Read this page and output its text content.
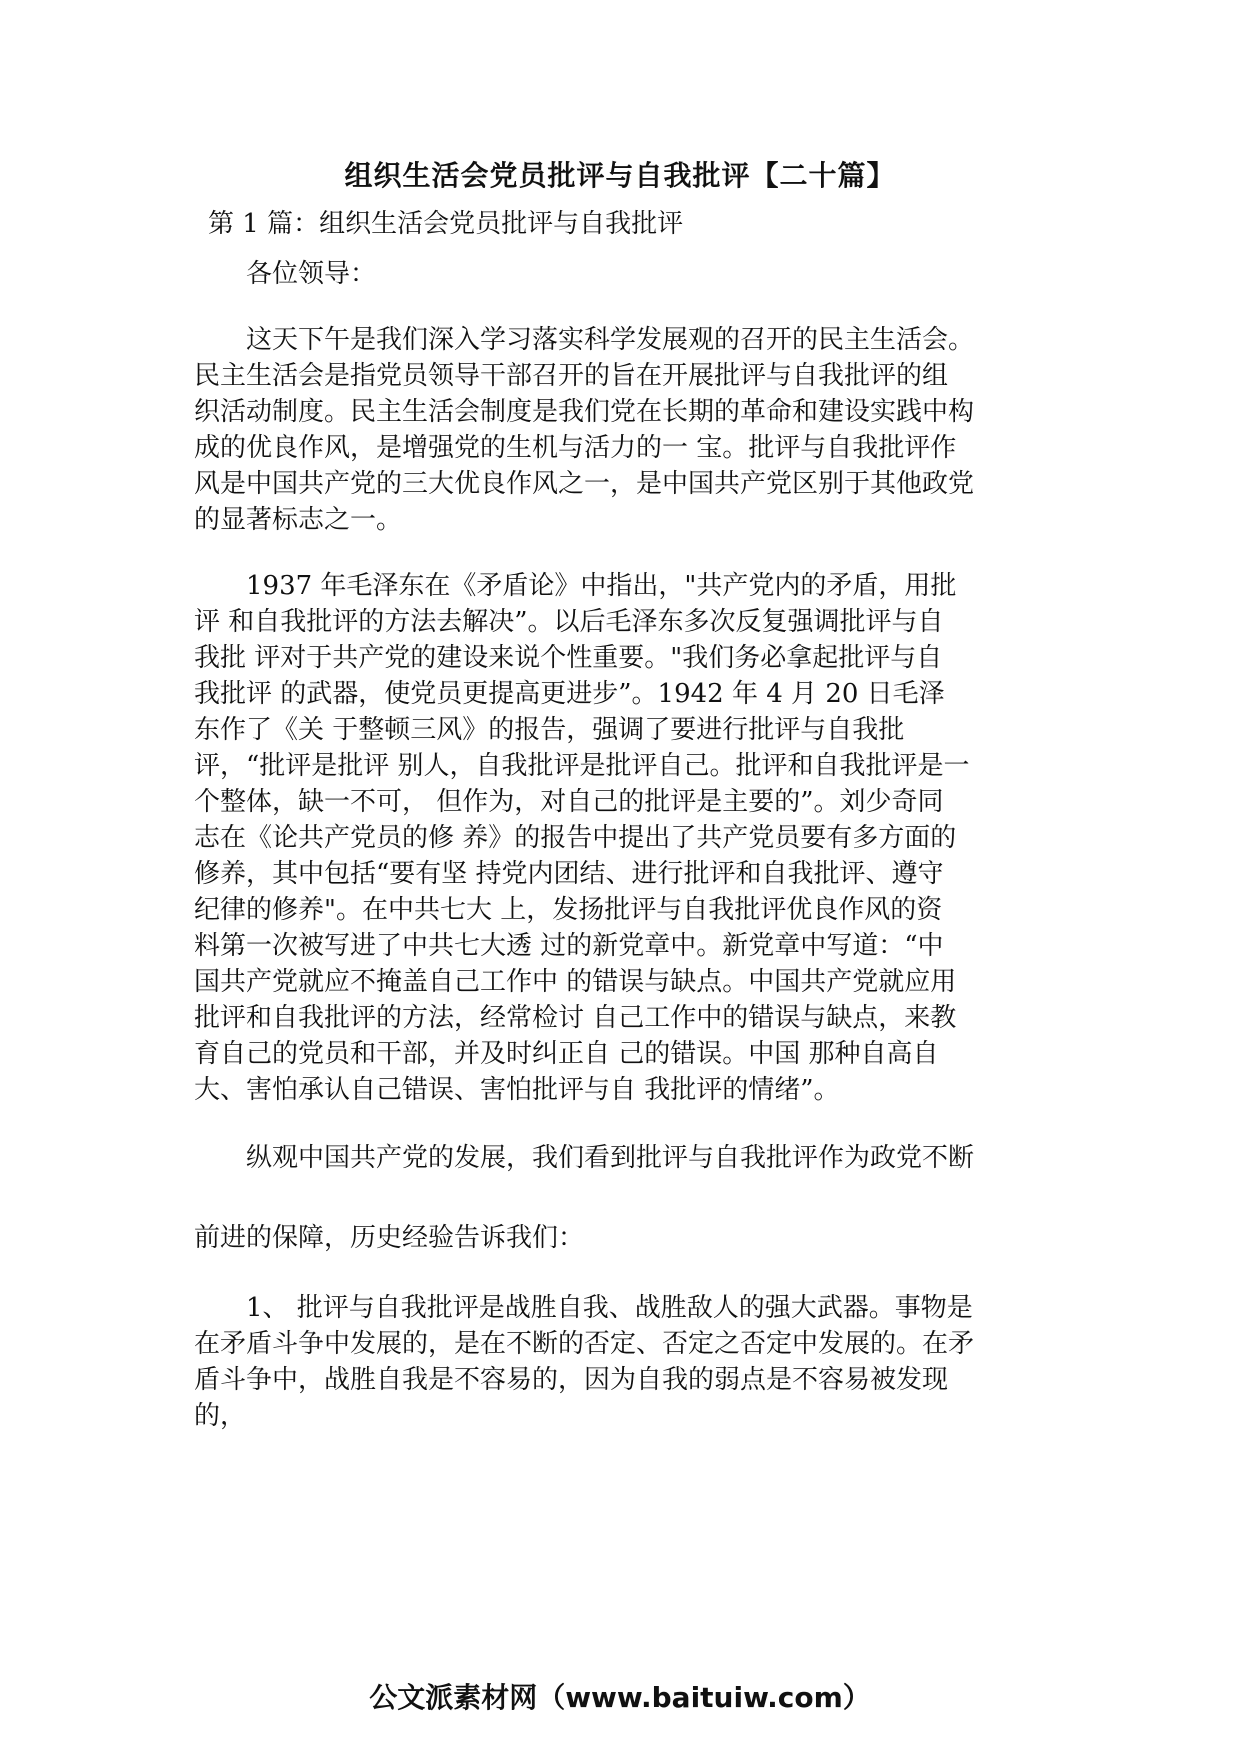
组织生活会党员批评与自我批评【二十篇】
第 1 篇：组织生活会党员批评与自我批评
各位领导：
这天下午是我们深入学习落实科学发展观的召开的民主生活会。
民主生活会是指党员领导干部召开的旨在开展批评与自我批评的组
织活动制度。民主生活会制度是我们党在长期的革命和建设实践中构
成的优良作风，是增强党的生机与活力的一 宝。批评与自我批评作
风是中国共产党的三大优良作风之一，是中国共产党区别于其他政党
的显著标志之一。
1937 年毛泽东在《矛盾论》中指出，"共产党内的矛盾，用批
评 和自我批评的方法去解决”。以后毛泽东多次反复强调批评与自
我批 评对于共产党的建设来说个性重要。"我们务必拿起批评与自
我批评 的武器，使党员更提高更进步”。1942 年 4 月 20 日毛泽
东作了《关 于整顿三风》的报告，强调了要进行批评与自我批
评，“批评是批评 别人，自我批评是批评自己。批评和自我批评是一
个整体，缺一不可， 但作为，对自己的批评是主要的”。刘少奇同
志在《论共产党员的修 养》的报告中提出了共产党员要有多方面的
修养，其中包括“要有坚 持党内团结、进行批评和自我批评、遵守
纪律的修养"。在中共七大 上，发扬批评与自我批评优良作风的资
料第一次被写进了中共七大透 过的新党章中。新党章中写道：“中
国共产党就应不掩盖自己工作中 的错误与缺点。中国共产党就应用
批评和自我批评的方法，经常检讨 自己工作中的错误与缺点，来教
育自己的党员和干部，并及时纠正自 己的错误。中国 那种自高自
大、害怕承认自己错误、害怕批评与自 我批评的情绪”。
纵观中国共产党的发展，我们看到批评与自我批评作为政党不断
前进的保障，历史经验告诉我们：
1、 批评与自我批评是战胜自我、战胜敌人的强大武器。事物是
在矛盾斗争中发展的，是在不断的否定、否定之否定中发展的。在矛
盾斗争中，战胜自我是不容易的，因为自我的弱点是不容易被发现
的，
公文派素材网（www.baituiw.com）
